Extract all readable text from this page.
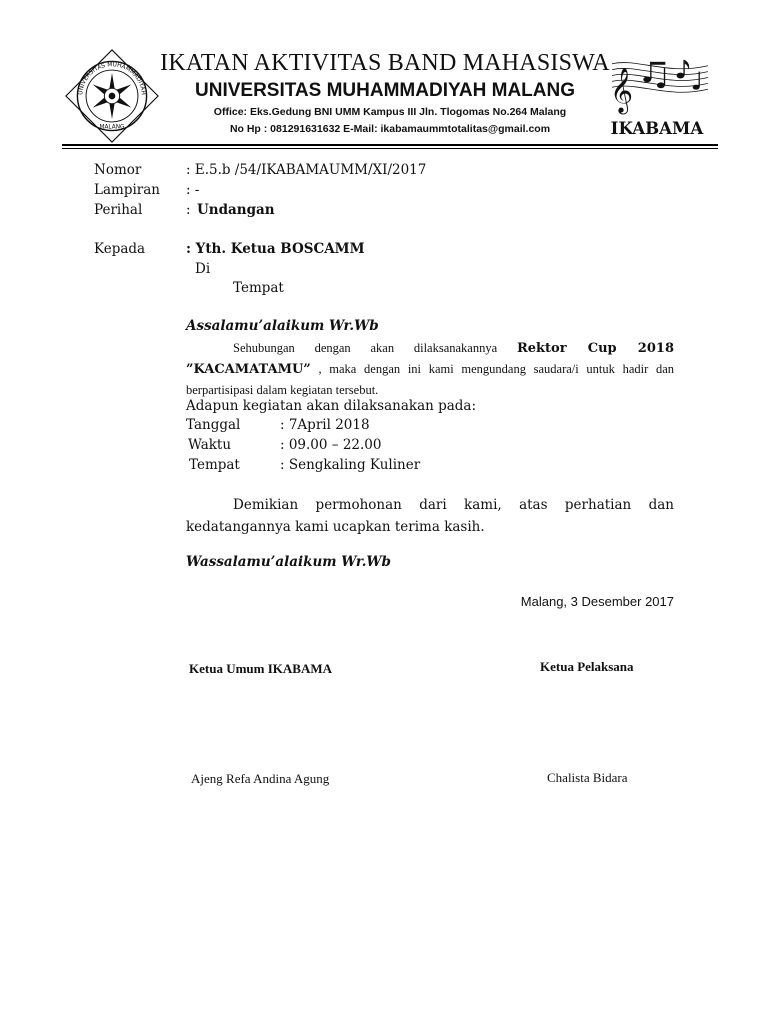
UNIVERSITAS MUHAMMADIYAH
MALANG
IKATAN AKTIVITAS BAND MAHASISWA
UNIVERSITAS MUHAMMADIYAH MALANG
Office: Eks.Gedung BNI UMM Kampus III Jln. Tlogomas No.264 Malang
No Hp : 081291631632 E-Mail: ikabamaummtotalitas@gmail.com
𝄞
IKABAMA
Nomor	: E.5.b /54/IKABAMAUMM/XI/2017
Lampiran : -
Perihal	: Undangan
Kepada	: Yth. Ketua BOSCAMM
Di
Tempat
Assalamu’alaikum Wr.Wb
Sehubungan dengan akan dilaksanakannya Rektor Cup 2018 ”KACAMATAMU” , maka dengan ini kami mengundang saudara/i untuk hadir dan berpartisipasi dalam kegiatan tersebut.
Adapun kegiatan akan dilaksanakan pada:
Tanggal	: 7April 2018
Waktu	: 09.00 – 22.00
Tempat	: Sengkaling Kuliner
Demikian permohonan dari kami, atas perhatian dan kedatangannya kami ucapkan terima kasih.
Wassalamu’alaikum Wr.Wb
Malang, 3 Desember 2017
Ketua Umum IKABAMA	Ketua Pelaksana
Ajeng Refa Andina Agung	Chalista Bidara
